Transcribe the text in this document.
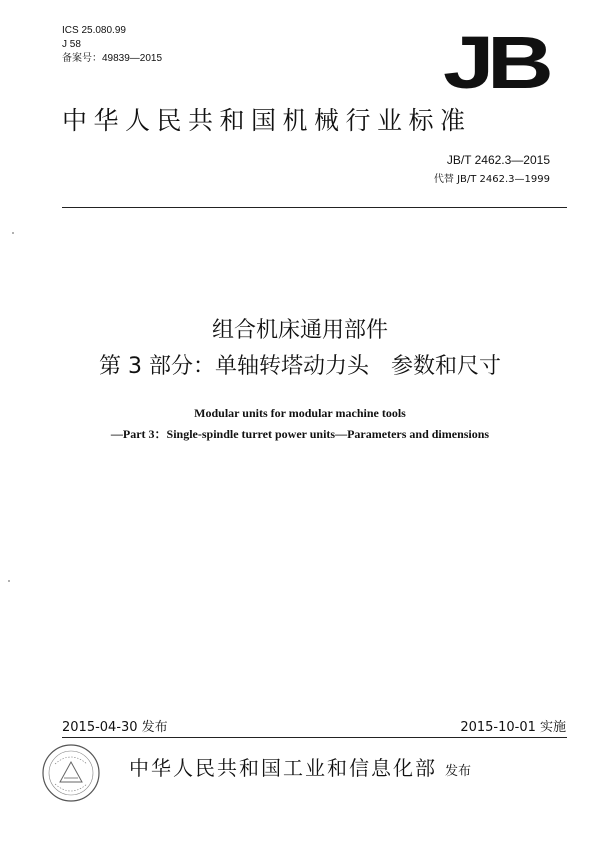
ICS 25.080.99
J 58
备案号：49839—2015	JB
中华人民共和国机械行业标准
JB/T 2462.3—2015
代替 JB/T 2462.3—1999
组合机床通用部件
第 3 部分：单轴转塔动力头　参数和尺寸
Modular units for modular machine tools
—Part 3：Single-spindle turret power units—Parameters and dimensions
2015-04-30 发布	2015-10-01 实施
中华人民共和国工业和信息化部 发布
